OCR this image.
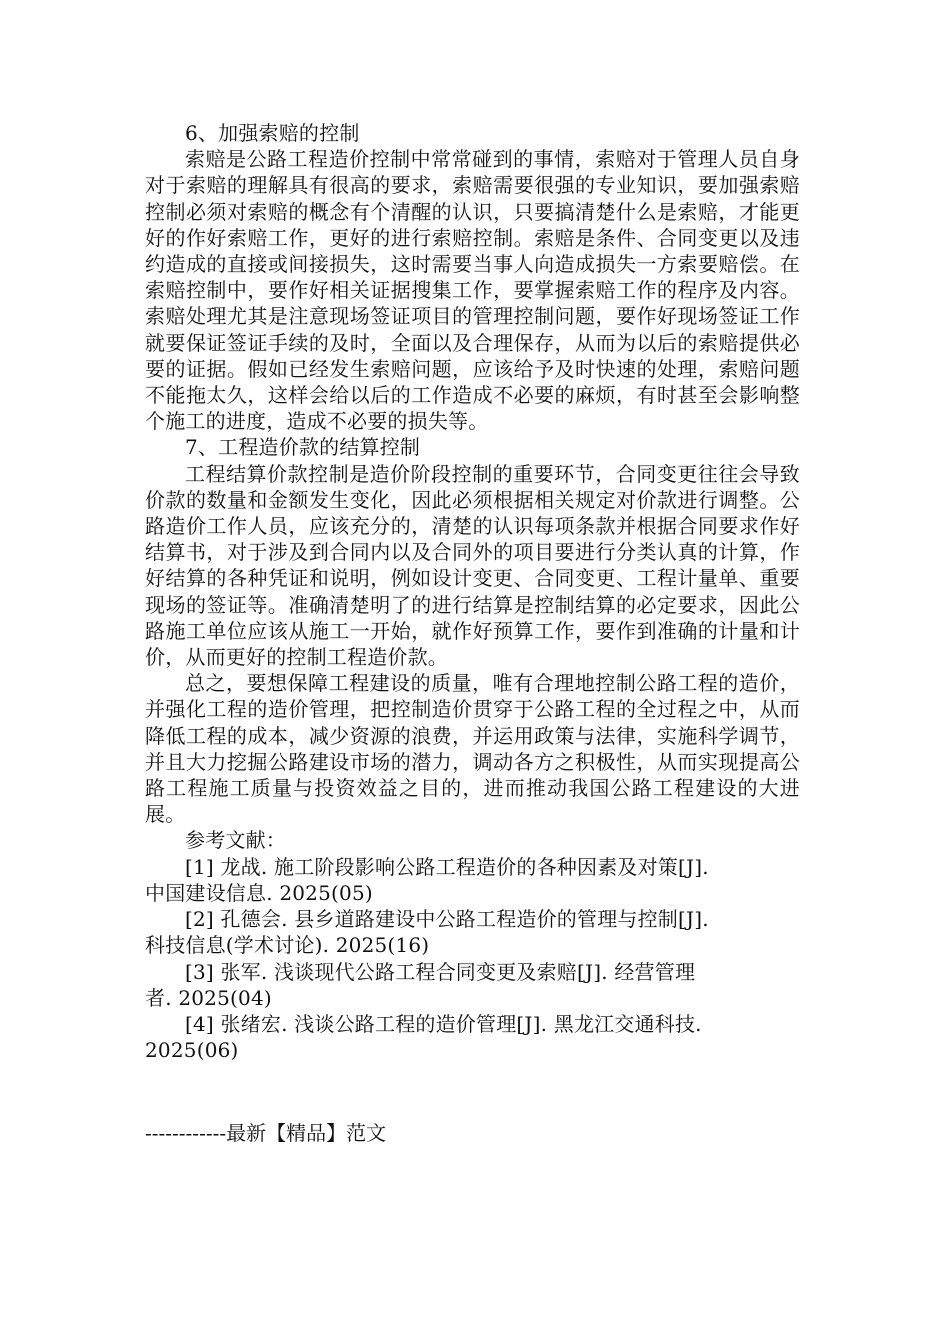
6、加强索赔的控制

索赔是公路工程造价控制中常常碰到的事情，索赔对于管理人员自身对于索赔的理解具有很高的要求，索赔需要很强的专业知识，要加强索赔控制必须对索赔的概念有个清醒的认识，只要搞清楚什么是索赔，才能更好的作好索赔工作，更好的进行索赔控制。索赔是条件、合同变更以及违约造成的直接或间接损失，这时需要当事人向造成损失一方索要赔偿。在索赔控制中，要作好相关证据搜集工作，要掌握索赔工作的程序及内容。索赔处理尤其是注意现场签证项目的管理控制问题，要作好现场签证工作就要保证签证手续的及时，全面以及合理保存，从而为以后的索赔提供必要的证据。假如已经发生索赔问题，应该给予及时快速的处理，索赔问题不能拖太久，这样会给以后的工作造成不必要的麻烦，有时甚至会影响整个施工的进度，造成不必要的损失等。

7、工程造价款的结算控制

工程结算价款控制是造价阶段控制的重要环节，合同变更往往会导致价款的数量和金额发生变化，因此必须根据相关规定对价款进行调整。公路造价工作人员，应该充分的，清楚的认识每项条款并根据合同要求作好结算书，对于涉及到合同内以及合同外的项目要进行分类认真的计算，作好结算的各种凭证和说明，例如设计变更、合同变更、工程计量单、重要现场的签证等。准确清楚明了的进行结算是控制结算的必定要求，因此公路施工单位应该从施工一开始，就作好预算工作，要作到准确的计量和计价，从而更好的控制工程造价款。

总之，要想保障工程建设的质量，唯有合理地控制公路工程的造价，并强化工程的造价管理，把控制造价贯穿于公路工程的全过程之中，从而降低工程的成本，减少资源的浪费，并运用政策与法律，实施科学调节，并且大力挖掘公路建设市场的潜力，调动各方之积极性，从而实现提高公路工程施工质量与投资效益之目的，进而推动我国公路工程建设的大进展。

参考文献：

[1] 龙战. 施工阶段影响公路工程造价的各种因素及对策[J].

中国建设信息. 2025(05)

[2] 孔德会. 县乡道路建设中公路工程造价的管理与控制[J].

科技信息(学术讨论). 2025(16)

[3] 张军. 浅谈现代公路工程合同变更及索赔[J]. 经营管理

者. 2025(04)

[4] 张绪宏. 浅谈公路工程的造价管理[J]. 黑龙江交通科技.

2025(06)

------------最新【精品】范文
